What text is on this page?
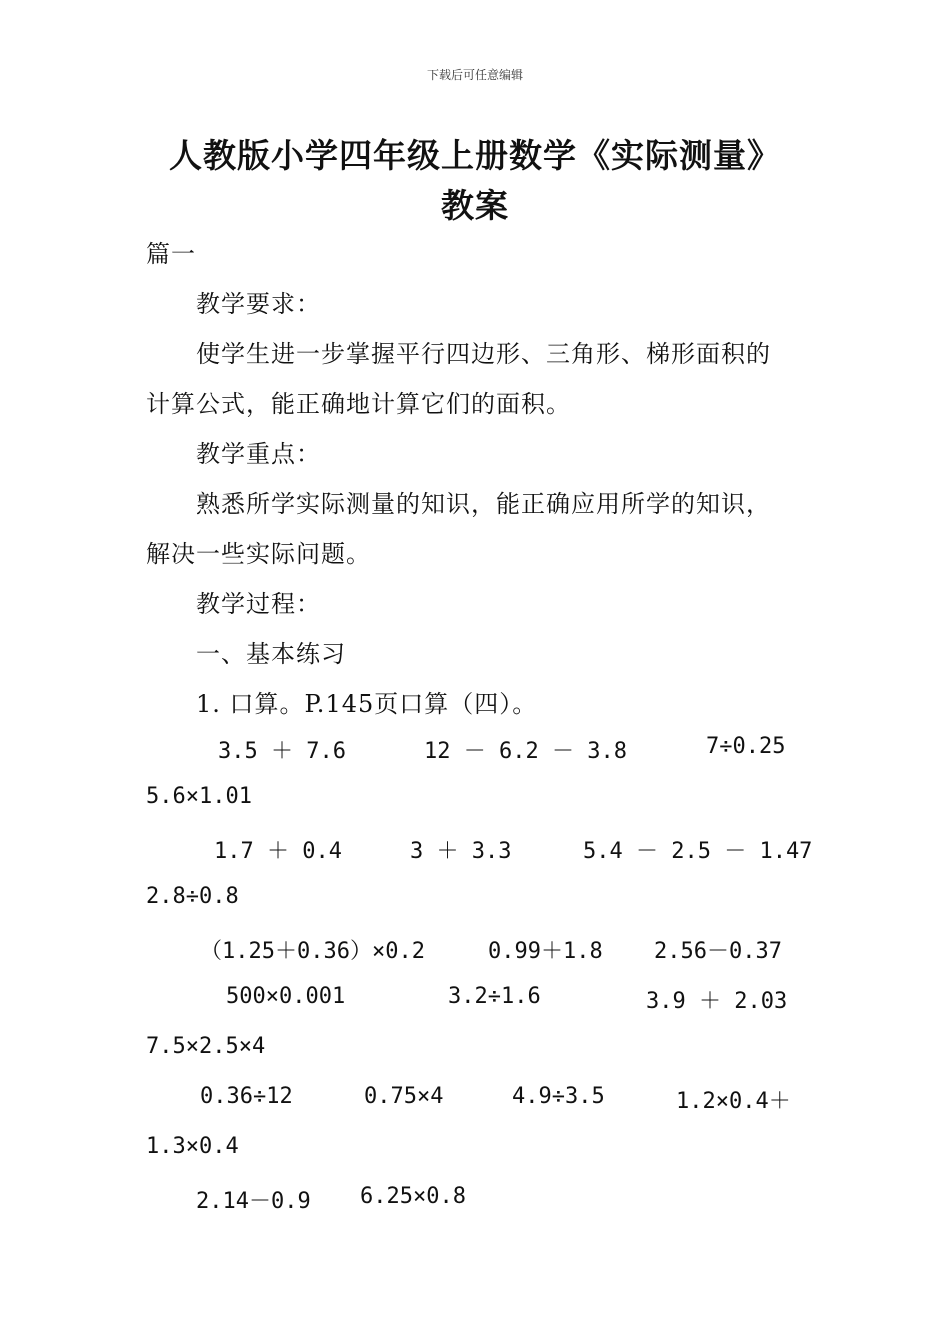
下载后可任意编辑
人教版小学四年级上册数学《实际测量》
教案
篇一
教学要求：
使学生进一步掌握平行四边形、三角形、梯形面积的
计算公式，能正确地计算它们的面积。
教学重点：
熟悉所学实际测量的知识，能正确应用所学的知识，
解决一些实际问题。
教学过程：
一、基本练习
1. 口算。P.145页口算（四）。
3.5 ＋ 7.6	12 － 6.2 － 3.8	7÷0.25
5.6×1.01
1.7 ＋ 0.4	3 ＋ 3.3	5.4 － 2.5 － 1.47
2.8÷0.8
（1.25＋0.36）×0.2	0.99＋1.8 2.56－0.37
500×0.001	3.2÷1.6	3.9 ＋ 2.03
7.5×2.5×4
0.36÷12	0.75×4	4.9÷3.5	1.2×0.4＋
1.3×0.4
2.14－0.9 6.25×0.8
